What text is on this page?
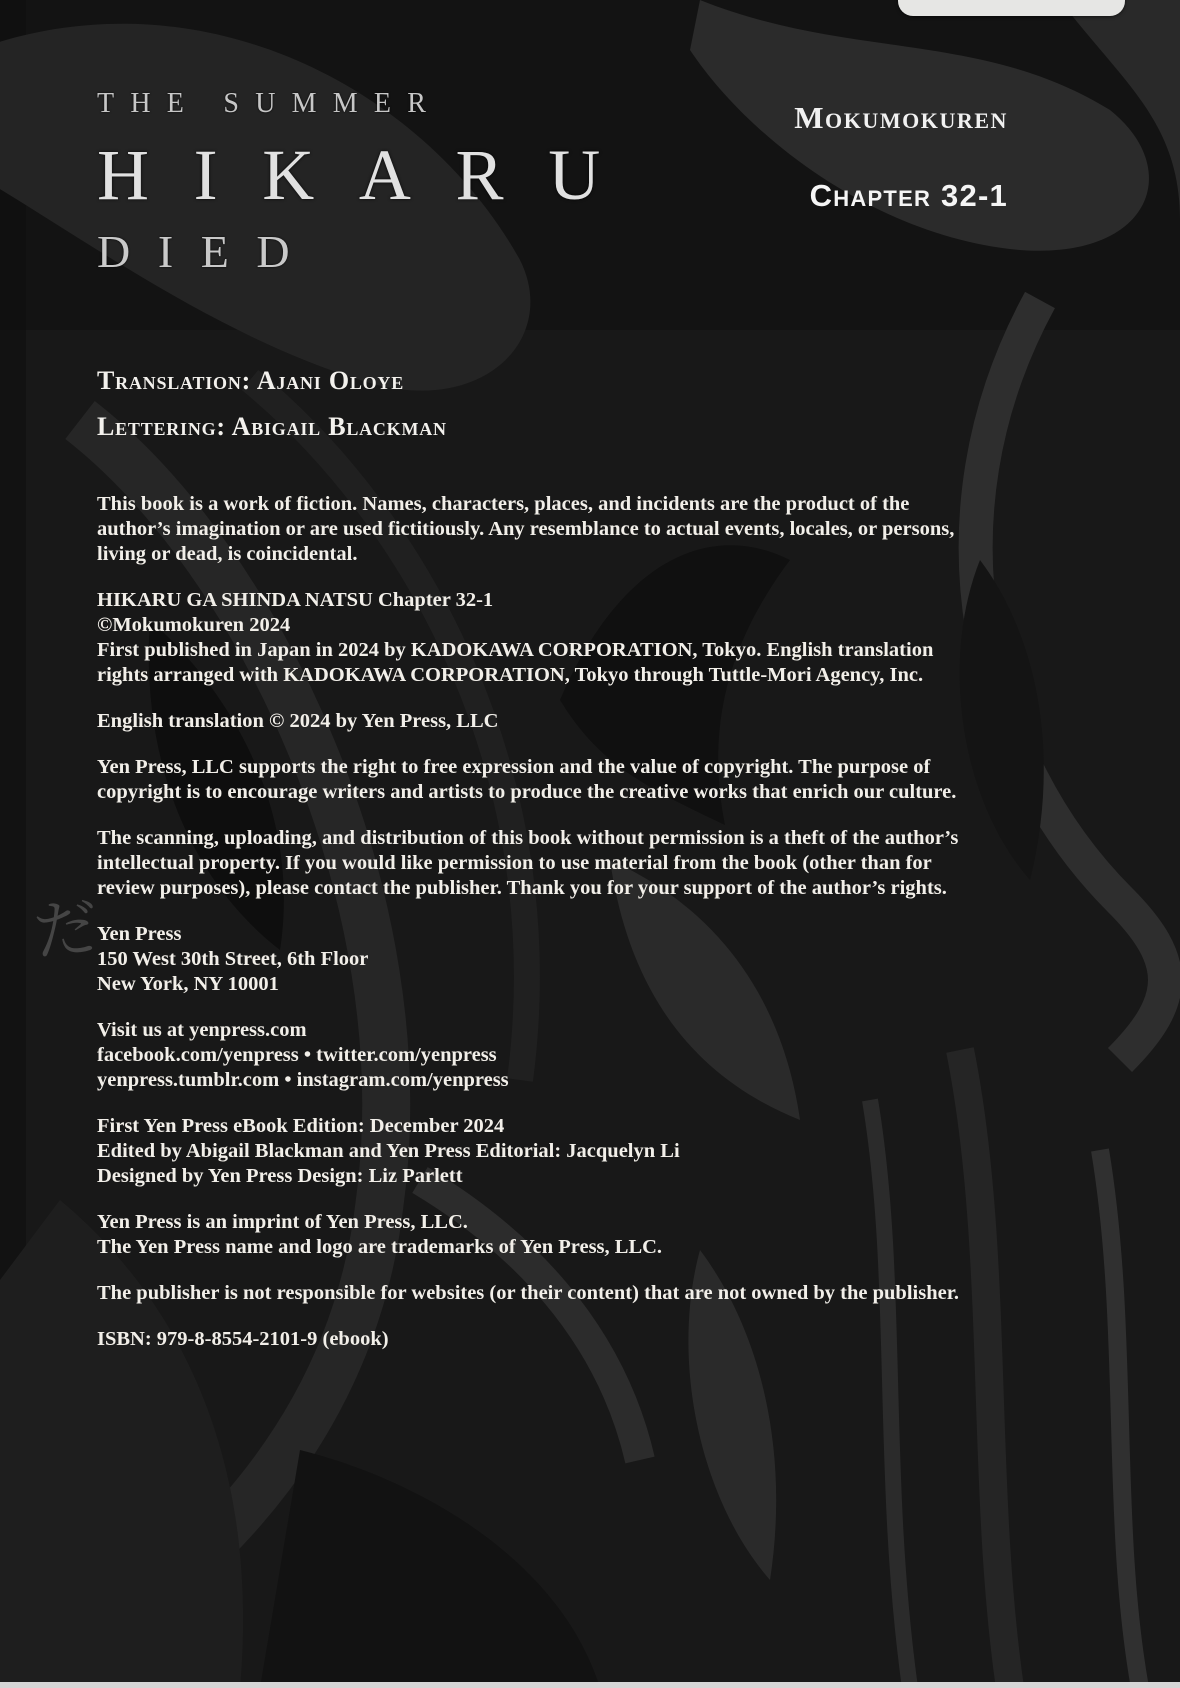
だ
THE SUMMER
HIKARU
DIED
Mokumokuren
Chapter 32-1
Translation: Ajani Oloye
Lettering: Abigail Blackman

This book is a work of fiction. Names, characters, places, and incidents are the product of the author’s imagination or are used fictitiously. Any resemblance to actual events, locales, or persons, living or dead, is coincidental.

HIKARU GA SHINDA NATSU Chapter 32-1
©Mokumokuren 2024
First published in Japan in 2024 by KADOKAWA CORPORATION, Tokyo. English translation rights arranged with KADOKAWA CORPORATION, Tokyo through Tuttle-Mori Agency, Inc.

English translation © 2024 by Yen Press, LLC

Yen Press, LLC supports the right to free expression and the value of copyright. The purpose of copyright is to encourage writers and artists to produce the creative works that enrich our culture.

The scanning, uploading, and distribution of this book without permission is a theft of the author’s intellectual property. If you would like permission to use material from the book (other than for review purposes), please contact the publisher. Thank you for your support of the author’s rights.

Yen Press
150 West 30th Street, 6th Floor
New York, NY 10001

Visit us at yenpress.com
facebook.com/yenpress • twitter.com/yenpress
yenpress.tumblr.com • instagram.com/yenpress

First Yen Press eBook Edition: December 2024
Edited by Abigail Blackman and Yen Press Editorial: Jacquelyn Li
Designed by Yen Press Design: Liz Parlett

Yen Press is an imprint of Yen Press, LLC.
The Yen Press name and logo are trademarks of Yen Press, LLC.

The publisher is not responsible for websites (or their content) that are not owned by the publisher.

ISBN: 979-8-8554-2101-9 (ebook)
